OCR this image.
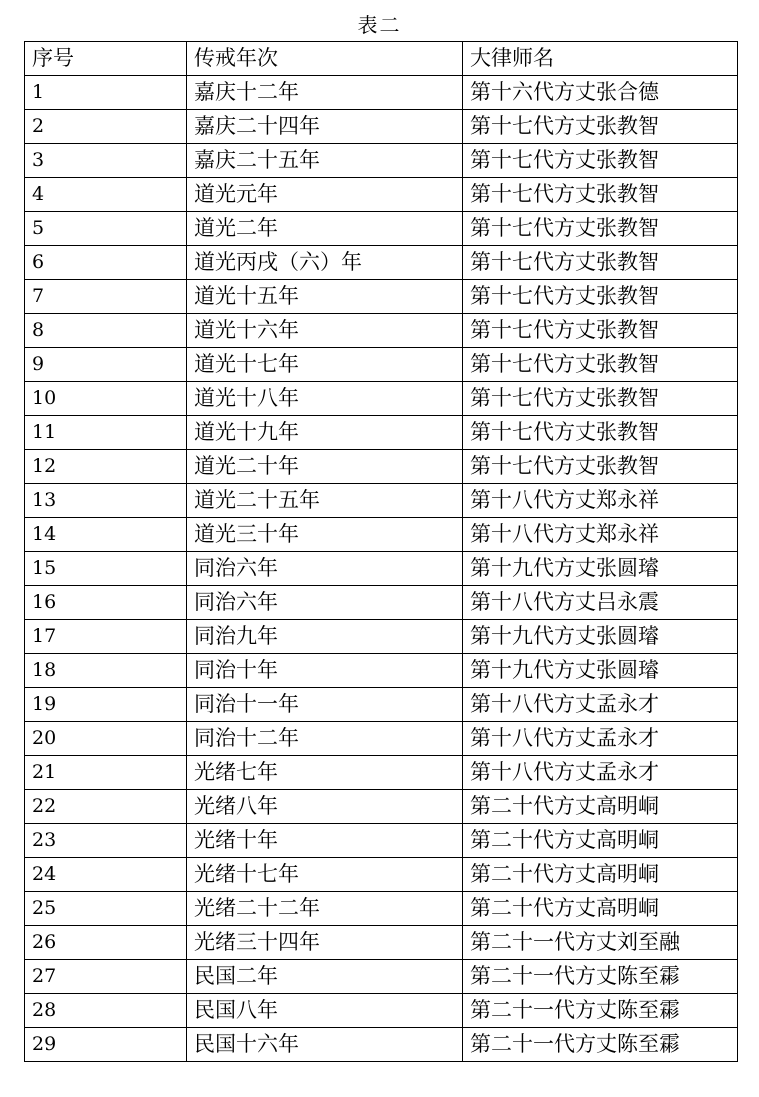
表二
序号	传戒年次	大律师名
1	嘉庆十二年	第十六代方丈张合德
2	嘉庆二十四年	第十七代方丈张教智
3	嘉庆二十五年	第十七代方丈张教智
4	道光元年	第十七代方丈张教智
5	道光二年	第十七代方丈张教智
6	道光丙戌（六）年	第十七代方丈张教智
7	道光十五年	第十七代方丈张教智
8	道光十六年	第十七代方丈张教智
9	道光十七年	第十七代方丈张教智
10	道光十八年	第十七代方丈张教智
11	道光十九年	第十七代方丈张教智
12	道光二十年	第十七代方丈张教智
13	道光二十五年	第十八代方丈郑永祥
14	道光三十年	第十八代方丈郑永祥
15	同治六年	第十九代方丈张圆璿
16	同治六年	第十八代方丈吕永震
17	同治九年	第十九代方丈张圆璿
18	同治十年	第十九代方丈张圆璿
19	同治十一年	第十八代方丈孟永才
20	同治十二年	第十八代方丈孟永才
21	光绪七年	第十八代方丈孟永才
22	光绪八年	第二十代方丈高明峒
23	光绪十年	第二十代方丈高明峒
24	光绪十七年	第二十代方丈高明峒
25	光绪二十二年	第二十代方丈高明峒
26	光绪三十四年	第二十一代方丈刘至融
27	民国二年	第二十一代方丈陈至霦
28	民国八年	第二十一代方丈陈至霦
29	民国十六年	第二十一代方丈陈至霦
